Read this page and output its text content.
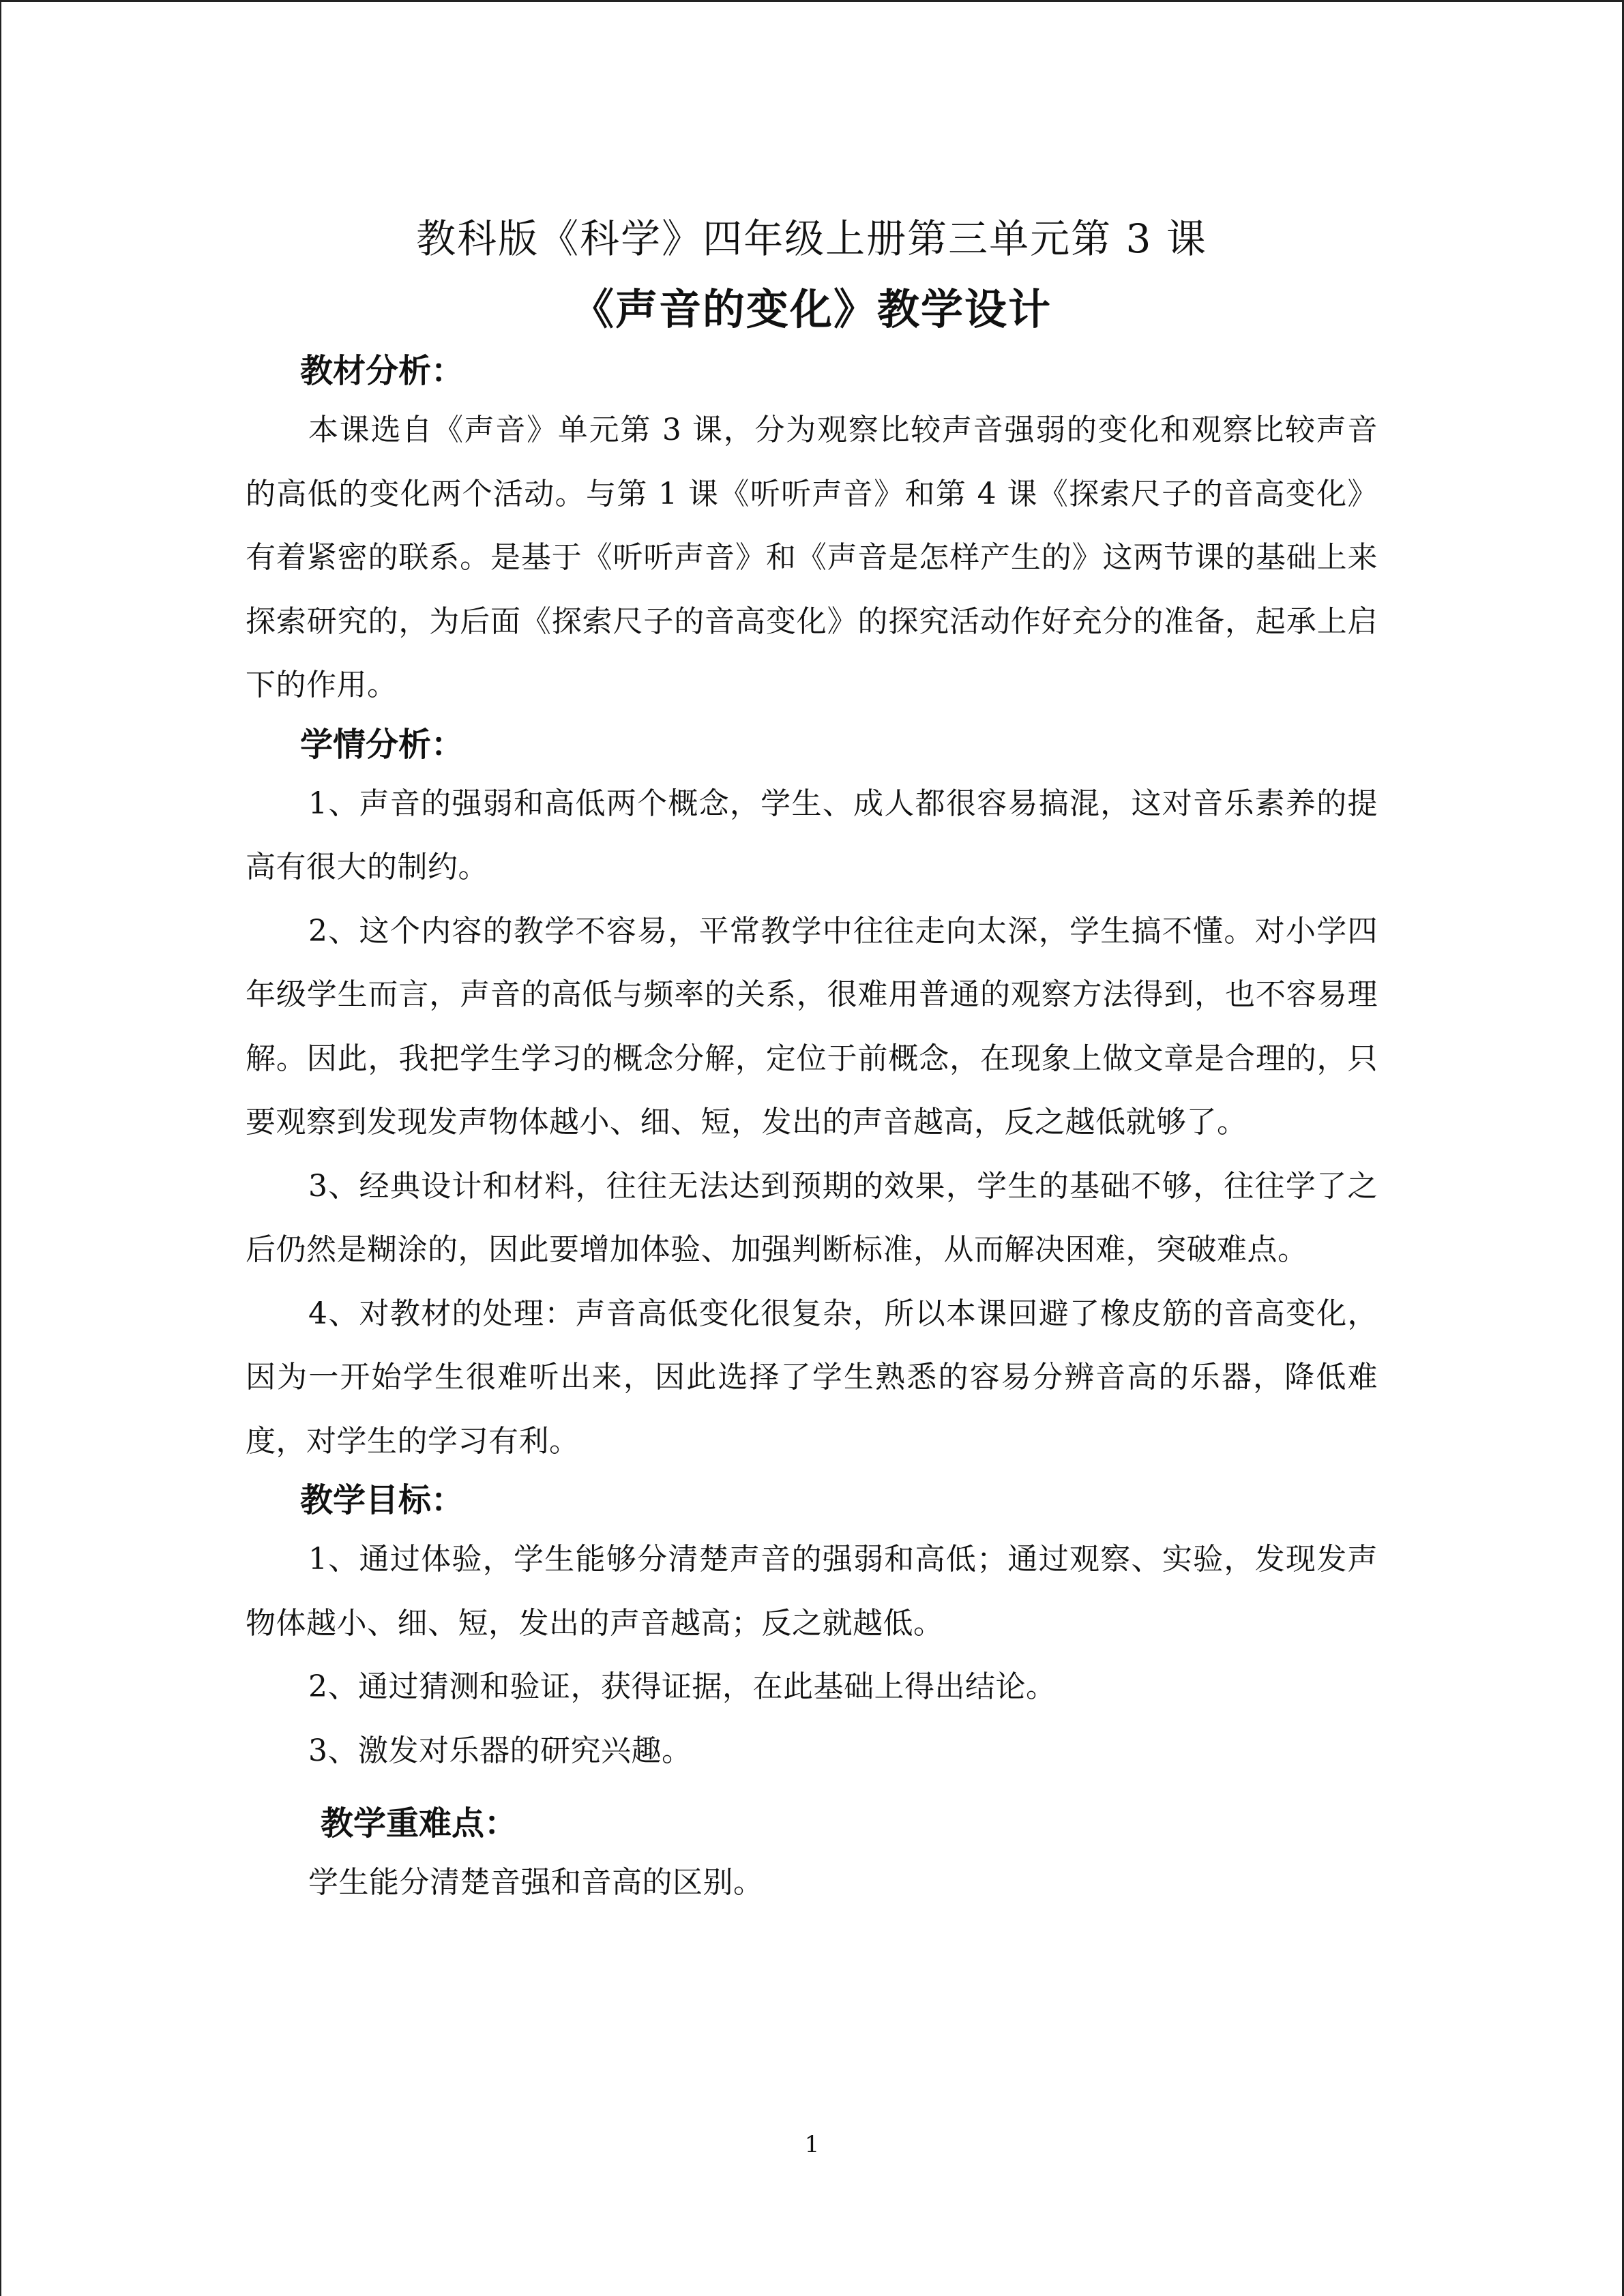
教科版《科学》四年级上册第三单元第 3 课
《声音的变化》教学设计
教材分析：

本课选自《声音》单元第 3 课，分为观察比较声音强弱的变化和观察比较声音的高低的变化两个活动。与第 1 课《听听声音》和第 4 课《探索尺子的音高变化》有着紧密的联系。是基于《听听声音》和《声音是怎样产生的》这两节课的基础上来探索研究的，为后面《探索尺子的音高变化》的探究活动作好充分的准备，起承上启下的作用。

学情分析：

1、声音的强弱和高低两个概念，学生、成人都很容易搞混，这对音乐素养的提高有很大的制约。

2、这个内容的教学不容易，平常教学中往往走向太深，学生搞不懂。对小学四年级学生而言，声音的高低与频率的关系，很难用普通的观察方法得到，也不容易理解。因此，我把学生学习的概念分解，定位于前概念，在现象上做文章是合理的，只要观察到发现发声物体越小、细、短，发出的声音越高，反之越低就够了。

3、经典设计和材料，往往无法达到预期的效果，学生的基础不够，往往学了之后仍然是糊涂的，因此要增加体验、加强判断标准，从而解决困难，突破难点。

4、对教材的处理：声音高低变化很复杂，所以本课回避了橡皮筋的音高变化，因为一开始学生很难听出来，因此选择了学生熟悉的容易分辨音高的乐器，降低难度，对学生的学习有利。

教学目标：

1、通过体验，学生能够分清楚声音的强弱和高低；通过观察、实验，发现发声物体越小、细、短，发出的声音越高；反之就越低。

2、通过猜测和验证，获得证据，在此基础上得出结论。

3、激发对乐器的研究兴趣。

教学重难点：

学生能分清楚音强和音高的区别。

1
